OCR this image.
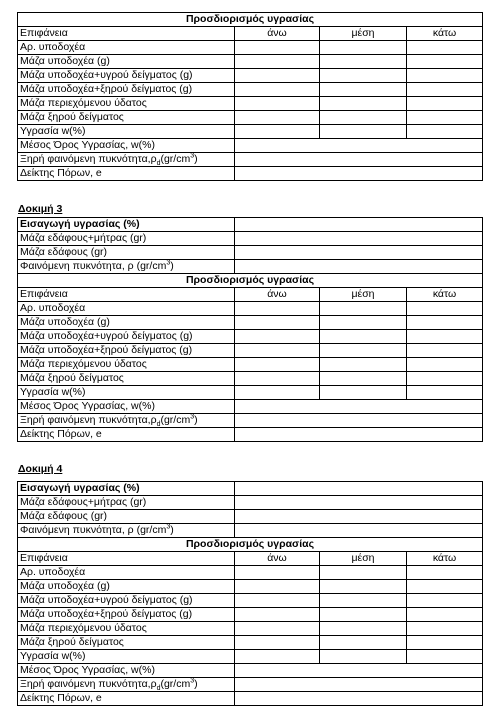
Προσδιορισμός υγρασίας			
Επιφάνεια	άνω	μέση	κάτω
Αρ. υποδοχέα			
Μάζα υποδοχέα (g)			
Μάζα υποδοχέα+υγρού δείγματος (g)			
Μάζα υποδοχέα+ξηρού δείγματος (g)			
Μάζα περιεχόμενου ύδατος			
Μάζα ξηρού δείγματος			
Υγρασία w(%)			
Μέσος Όρος Υγρασίας, w(%)			
Ξηρή φαινόμενη $\pi\upsilon\kappa\nu ό\tau\eta\tau\alpha,\rho_d(gr/cm^3)$			
Δείκτης Πόρων, e			
Δοκιμή 3
Εισαγωγή υγρασίας (%)			
Μάζα εδάφους+μήτρας (gr)			
Μάζα εδάφους (gr)			
Φαινόμενη πυκνότητα, ρ $(gr/cm^3)$			
Προσδιορισμός υγρασίας			
Επιφάνεια	άνω	μέση	κάτω
Αρ. υποδοχέα			
Μάζα υποδοχέα (g)			
Μάζα υποδοχέα+υγρού δείγματος (g)			
Μάζα υποδοχέα+ξηρού δείγματος (g)			
Μάζα περιεχόμενου ύδατος			
Μάζα ξηρού δείγματος			
Υγρασία w(%)			
Μέσος Όρος Υγρασίας, w(%)			
Ξηρή φαινόμενη $\pi\upsilon\kappa\nu ό\tau\eta\tau\alpha,\rho_d(gr/cm^3)$			
Δείκτης Πόρων, e			
Δοκιμή 4
Εισαγωγή υγρασίας (%)			
Μάζα εδάφους+μήτρας (gr)			
Μάζα εδάφους (gr)			
Φαινόμενη πυκνότητα, ρ $(gr/cm^3)$			
Προσδιορισμός υγρασίας			
Επιφάνεια	άνω	μέση	κάτω
Αρ. υποδοχέα			
Μάζα υποδοχέα (g)			
Μάζα υποδοχέα+υγρού δείγματος (g)			
Μάζα υποδοχέα+ξηρού δείγματος (g)			
Μάζα περιεχόμενου ύδατος			
Μάζα ξηρού δείγματος			
Υγρασία w(%)			
Μέσος Όρος Υγρασίας, w(%)			
Ξηρή φαινόμενη $\pi\upsilon\kappa\nu ό\tau\eta\tau\alpha,\rho_d(gr/cm^3)$			
Δείκτης Πόρων, e			
